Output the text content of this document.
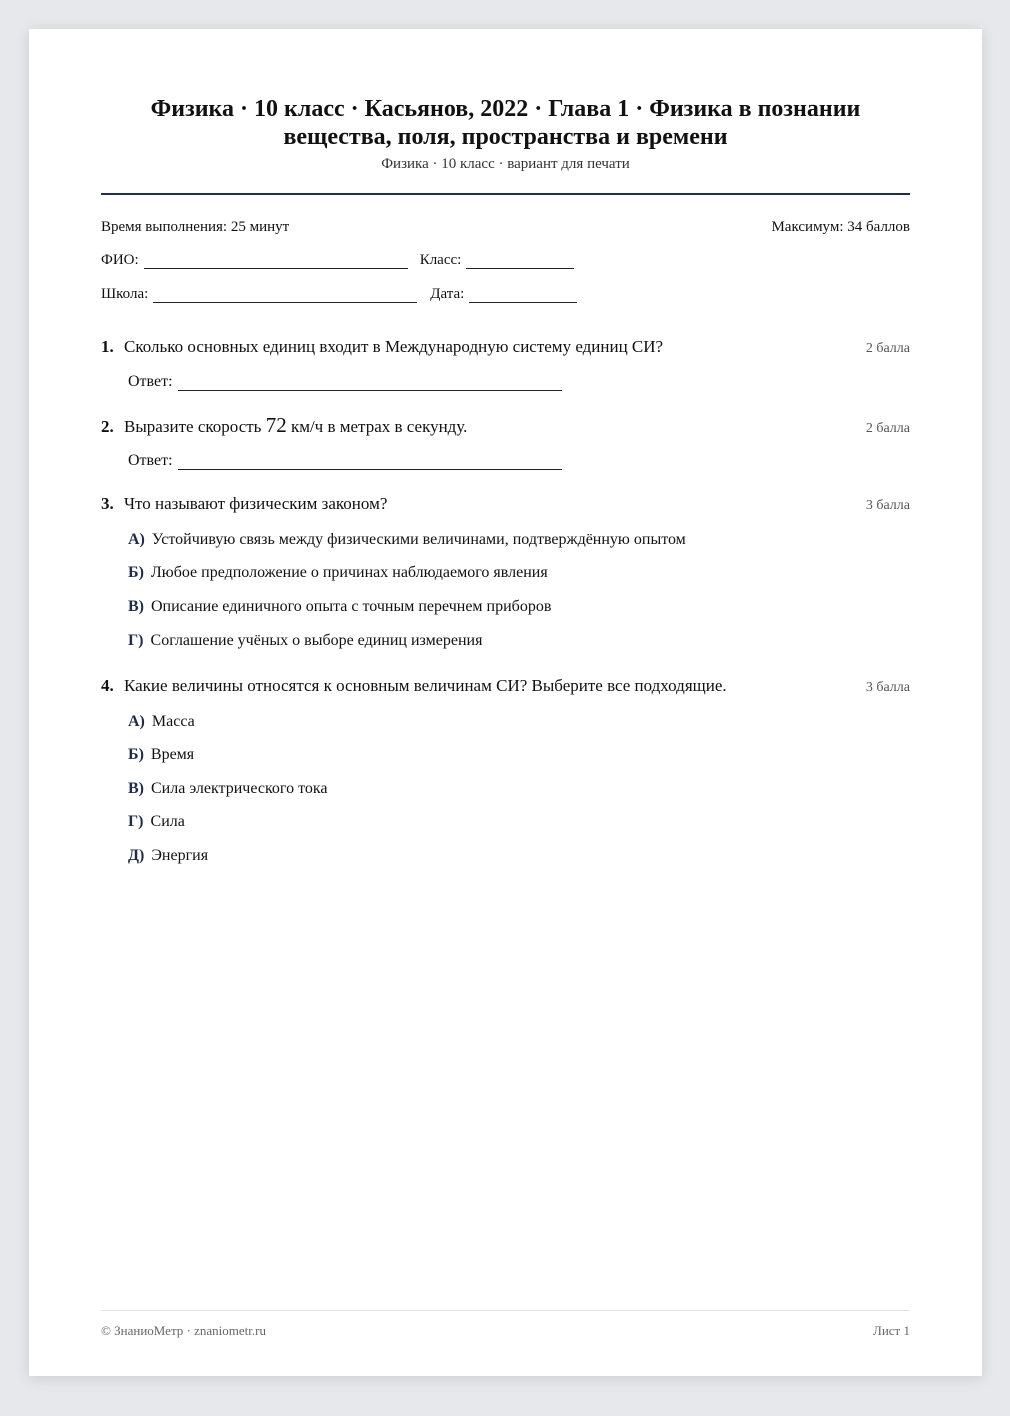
Физика · 10 класс · Касьянов, 2022 · Глава 1 · Физика в познании
вещества, поля, пространства и времени
Физика · 10 класс · вариант для печати
Время выполнения: 25 минут	Максимум: 34 баллов
ФИО:	Класс:
Школа:	Дата:
1. Сколько основных единиц входит в Международную систему единиц СИ?	2 балла
Ответ:
2. Выразите скорость 72 км/ч в метрах в секунду.	2 балла
Ответ:
3. Что называют физическим законом?	3 балла
А) Устойчивую связь между физическими величинами, подтверждённую опытом
Б) Любое предположение о причинах наблюдаемого явления
В) Описание единичного опыта с точным перечнем приборов
Г) Соглашение учёных о выборе единиц измерения
4. Какие величины относятся к основным величинам СИ? Выберите все подходящие.	3 балла
А) Масса
Б) Время
В) Сила электрического тока
Г) Сила
Д) Энергия
© ЗнаниоМетр · znaniometr.ru	Лист 1
